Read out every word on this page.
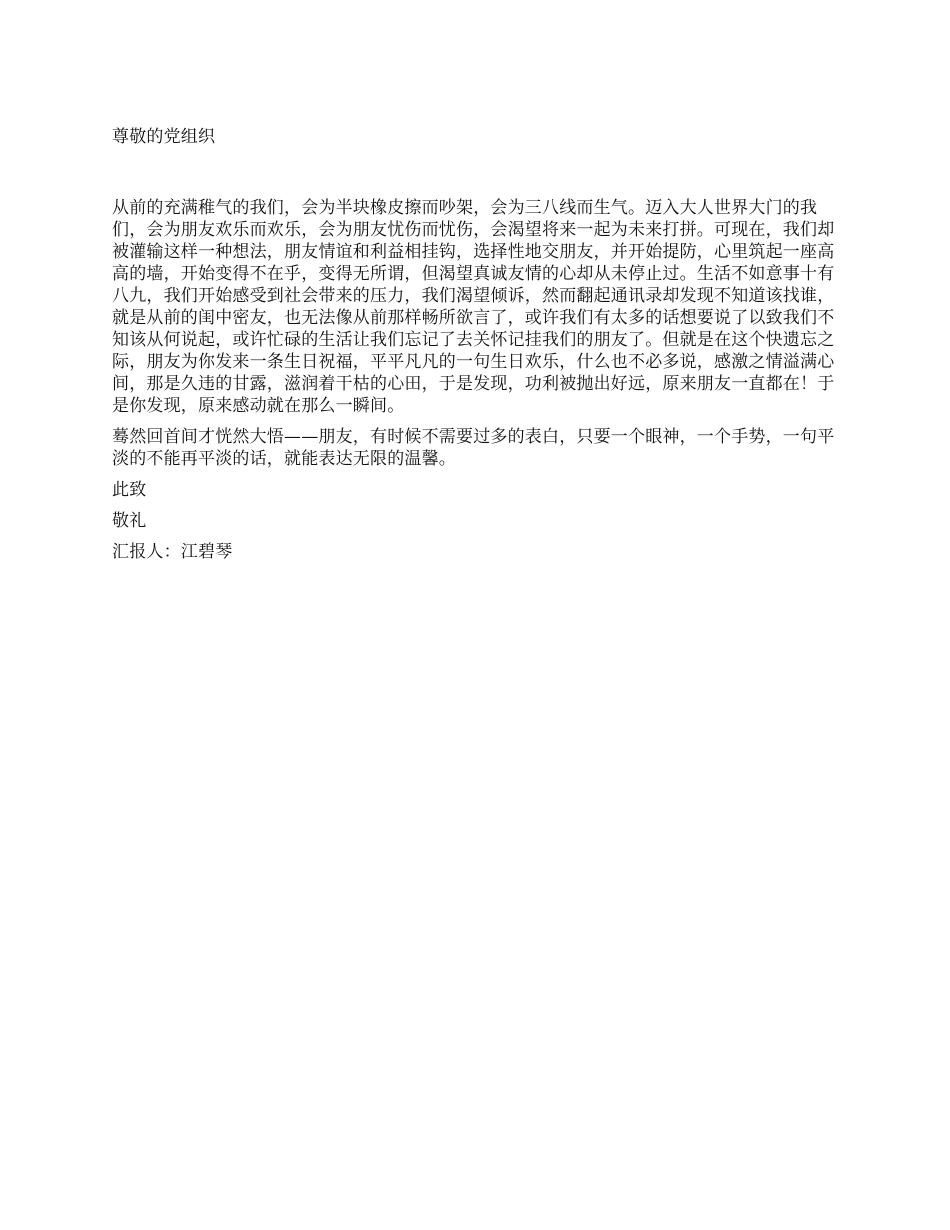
尊敬的党组织

从前的充满稚气的我们，会为半块橡皮擦而吵架，会为三八线而生气。迈入大人世界大门的我们，会为朋友欢乐而欢乐，会为朋友忧伤而忧伤，会渴望将来一起为未来打拼。可现在，我们却被灌输这样一种想法，朋友情谊和利益相挂钩，选择性地交朋友，并开始提防，心里筑起一座高高的墙，开始变得不在乎，变得无所谓，但渴望真诚友情的心却从未停止过。生活不如意事十有八九，我们开始感受到社会带来的压力，我们渴望倾诉，然而翻起通讯录却发现不知道该找谁，就是从前的闺中密友，也无法像从前那样畅所欲言了，或许我们有太多的话想要说了以致我们不知该从何说起，或许忙碌的生活让我们忘记了去关怀记挂我们的朋友了。但就是在这个快遗忘之际，朋友为你发来一条生日祝福，平平凡凡的一句生日欢乐，什么也不必多说，感激之情溢满心间，那是久违的甘露，滋润着干枯的心田，于是发现，功利被抛出好远，原来朋友一直都在！于是你发现，原来感动就在那么一瞬间。

蓦然回首间才恍然大悟——朋友，有时候不需要过多的表白，只要一个眼神，一个手势，一句平淡的不能再平淡的话，就能表达无限的温馨。

此致

敬礼

汇报人：江碧琴
